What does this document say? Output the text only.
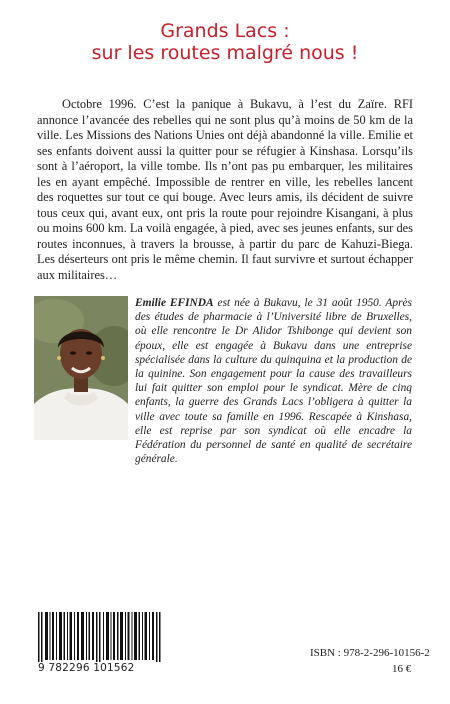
Grands Lacs :
sur les routes malgré nous !

Octobre 1996. C’est la panique à Bukavu, à l’est du Zaïre. RFI annonce l’avancée des rebelles qui ne sont plus qu’à moins de 50 km de la ville. Les Missions des Nations Unies ont déjà abandonné la ville. Emilie et ses enfants doivent aussi la quitter pour se réfugier à Kinshasa. Lorsqu’ils sont à l’aéroport, la ville tombe. Ils n’ont pas pu embarquer, les militaires les en ayant empêché. Impossible de rentrer en ville, les rebelles lancent des roquettes sur tout ce qui bouge. Avec leurs amis, ils décident de suivre tous ceux qui, avant eux, ont pris la route pour rejoindre Kisangani, à plus ou moins 600 km. La voilà engagée, à pied, avec ses jeunes enfants, sur des routes inconnues, à travers la brousse, à partir du parc de Kahuzi-Biega. Les déserteurs ont pris le même chemin. Il faut survivre et surtout échapper aux militaires…

Emilie EFINDA est née à Bukavu, le 31 août 1950. Après des études de pharmacie à l’Université libre de Bruxelles, où elle rencontre le Dr Alidor Tshibonge qui devient son époux, elle est engagée à Bukavu dans une entreprise spécialisée dans la culture du quinquina et la production de la quinine. Son engagement pour la cause des travailleurs lui fait quitter son emploi pour le syndicat. Mère de cinq enfants, la guerre des Grands Lacs l’obligera à quitter la ville avec toute sa famille en 1996. Rescapée à Kinshasa, elle est reprise par son syndicat où elle encadre la Fédération du personnel de santé en qualité de secrétaire générale.

9 782296 101562
ISBN : 978-2-296-10156-2
16 €
